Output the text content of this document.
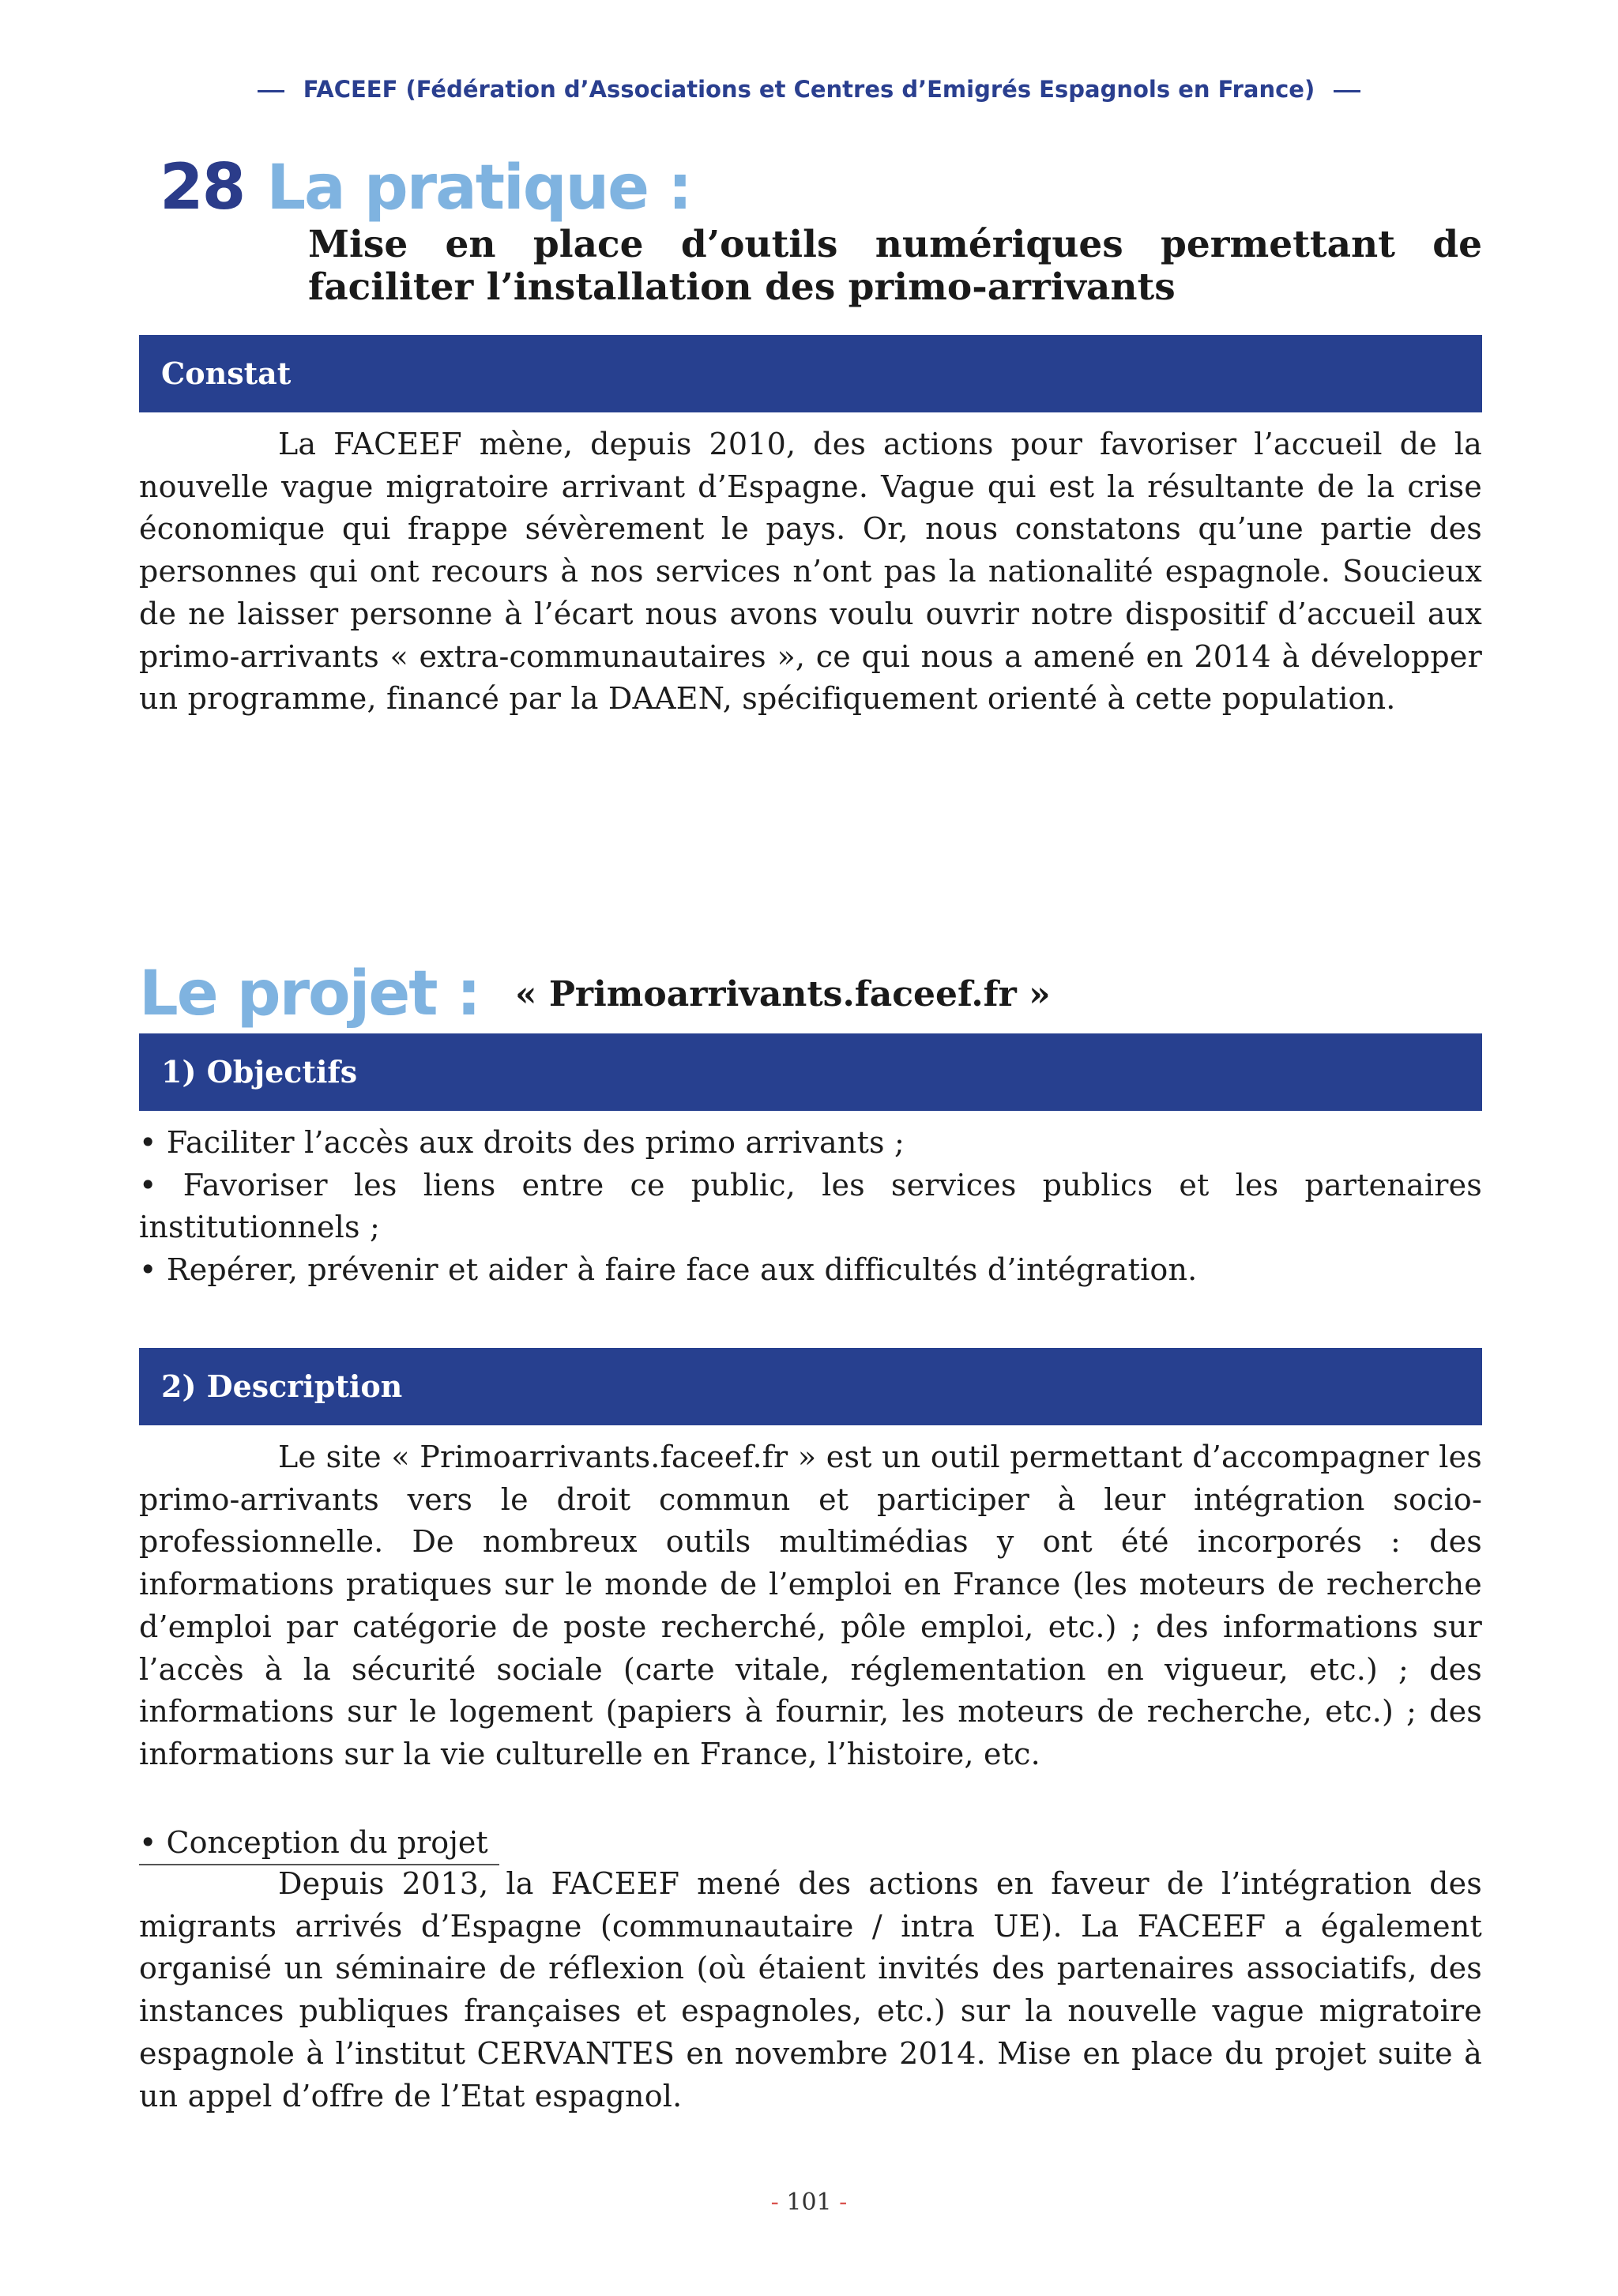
FACEEF (Fédération d’Associations et Centres d’Emigrés Espagnols en France)
28 La pratique :
Mise en place d’outils numériques permettant de faciliter l’installation des primo-arrivants
Constat
La FACEEF mène, depuis 2010, des actions pour favoriser l’accueil de la nouvelle vague migratoire arrivant d’Espagne. Vague qui est la résultante de la crise économique qui frappe sévèrement le pays. Or, nous constatons qu’une partie des personnes qui ont recours à nos services n’ont pas la nationalité espagnole. Soucieux de ne laisser personne à l’écart nous avons voulu ouvrir notre dispositif d’accueil aux primo-arrivants « extra-communautaires », ce qui nous a amené en 2014 à développer un programme, financé par la DAAEN, spécifiquement orienté à cette population.
Le projet : « Primoarrivants.faceef.fr »
1) Objectifs
• Faciliter l’accès aux droits des primo arrivants ;
• Favoriser les liens entre ce public, les services publics et les partenaires institutionnels ;
• Repérer, prévenir et aider à faire face aux difficultés d’intégration.
2) Description
Le site « Primoarrivants.faceef.fr » est un outil permettant d’accompagner les primo-arrivants vers le droit commun et participer à leur intégration socio-professionnelle. De nombreux outils multimédias y ont été incorporés : des informations pratiques sur le monde de l’emploi en France (les moteurs de recherche d’emploi par catégorie de poste recherché, pôle emploi, etc.) ; des informations sur l’accès à la sécurité sociale (carte vitale, réglementation en vigueur, etc.) ; des informations sur le logement (papiers à fournir, les moteurs de recherche, etc.) ; des informations sur la vie culturelle en France, l’histoire, etc.
• Conception du projet
Depuis 2013, la FACEEF mené des actions en faveur de l’intégration des migrants arrivés d’Espagne (communautaire / intra UE). La FACEEF a également organisé un séminaire de réflexion (où étaient invités des partenaires associatifs, des instances publiques françaises et espagnoles, etc.) sur la nouvelle vague migratoire espagnole à l’institut CERVANTES en novembre 2014. Mise en place du projet suite à un appel d’offre de l’Etat espagnol.
- 101 -
